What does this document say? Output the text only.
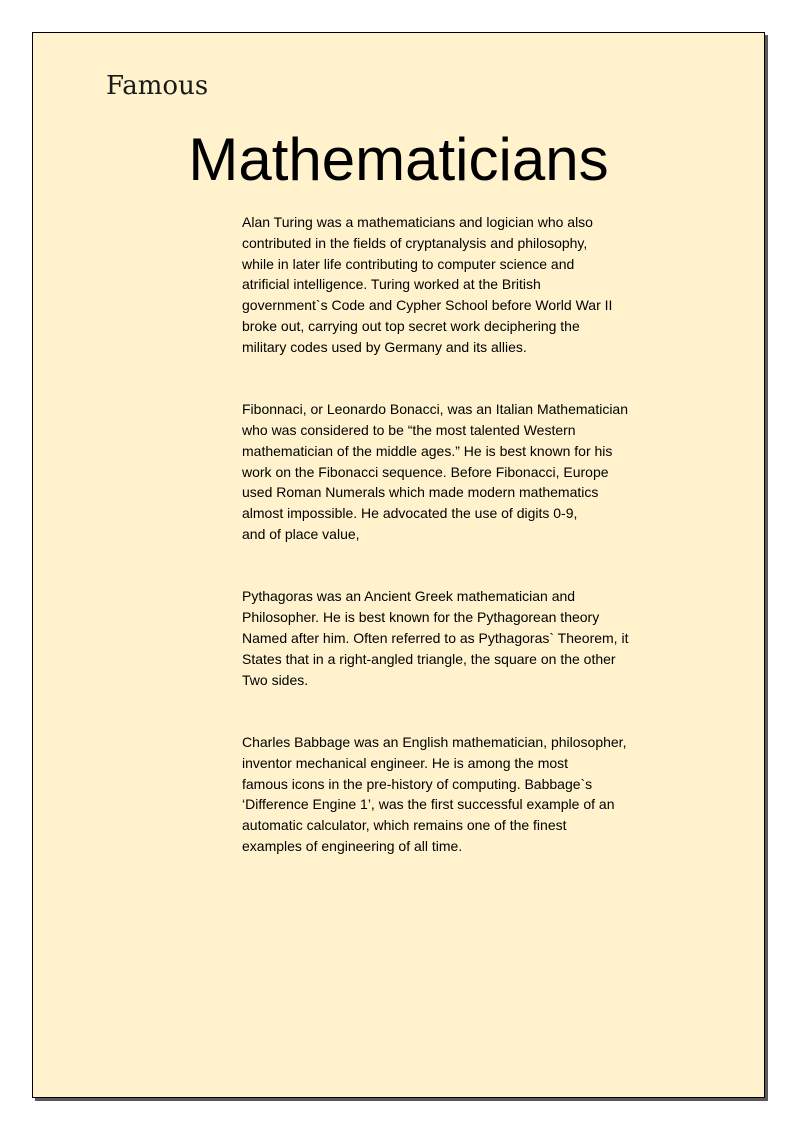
Famous
Mathematicians

Alan Turing was a mathematicians and logician who also
contributed in the fields of cryptanalysis and philosophy,
while in later life contributing to computer science and
atrificial intelligence. Turing worked at the British
government`s Code and Cypher School before World War II
broke out, carrying out top secret work deciphering the
military codes used by Germany and its allies.

Fibonnaci, or Leonardo Bonacci, was an Italian Mathematician
who was considered to be “the most talented Western
mathematician of the middle ages.” He is best known for his
work on the Fibonacci sequence. Before Fibonacci, Europe
used Roman Numerals which made modern mathematics
almost impossible. He advocated the use of digits 0-9,
and of place value,

Pythagoras was an Ancient Greek mathematician and
Philosopher. He is best known for the Pythagorean theory
Named after him. Often referred to as Pythagoras` Theorem, it
States that in a right-angled triangle, the square on the other
Two sides.

Charles Babbage was an English mathematician, philosopher,
inventor mechanical engineer. He is among the most
famous icons in the pre-history of computing. Babbage`s
‘Difference Engine 1’, was the first successful example of an
automatic calculator, which remains one of the finest
examples of engineering of all time.
